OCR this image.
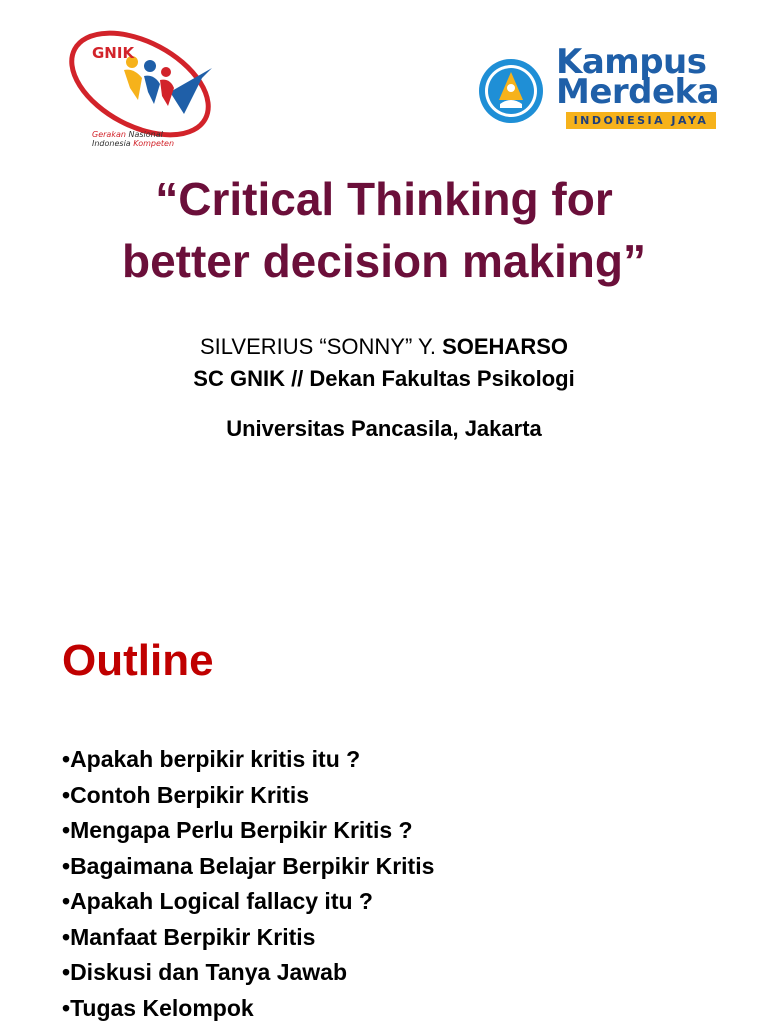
GNIK
Gerakan Nasional
Indonesia Kompeten
Kampus
Merdeka
INDONESIA JAYA
“Critical Thinking for
better decision making”
SILVERIUS “SONNY” Y. SOEHARSO
SC GNIK // Dekan Fakultas Psikologi
Universitas Pancasila, Jakarta
Outline
•Apakah berpikir kritis itu ?
•Contoh Berpikir Kritis
•Mengapa Perlu Berpikir Kritis ?
•Bagaimana Belajar Berpikir Kritis
•Apakah Logical fallacy itu ?
•Manfaat Berpikir Kritis
•Diskusi dan Tanya Jawab
•Tugas Kelompok
